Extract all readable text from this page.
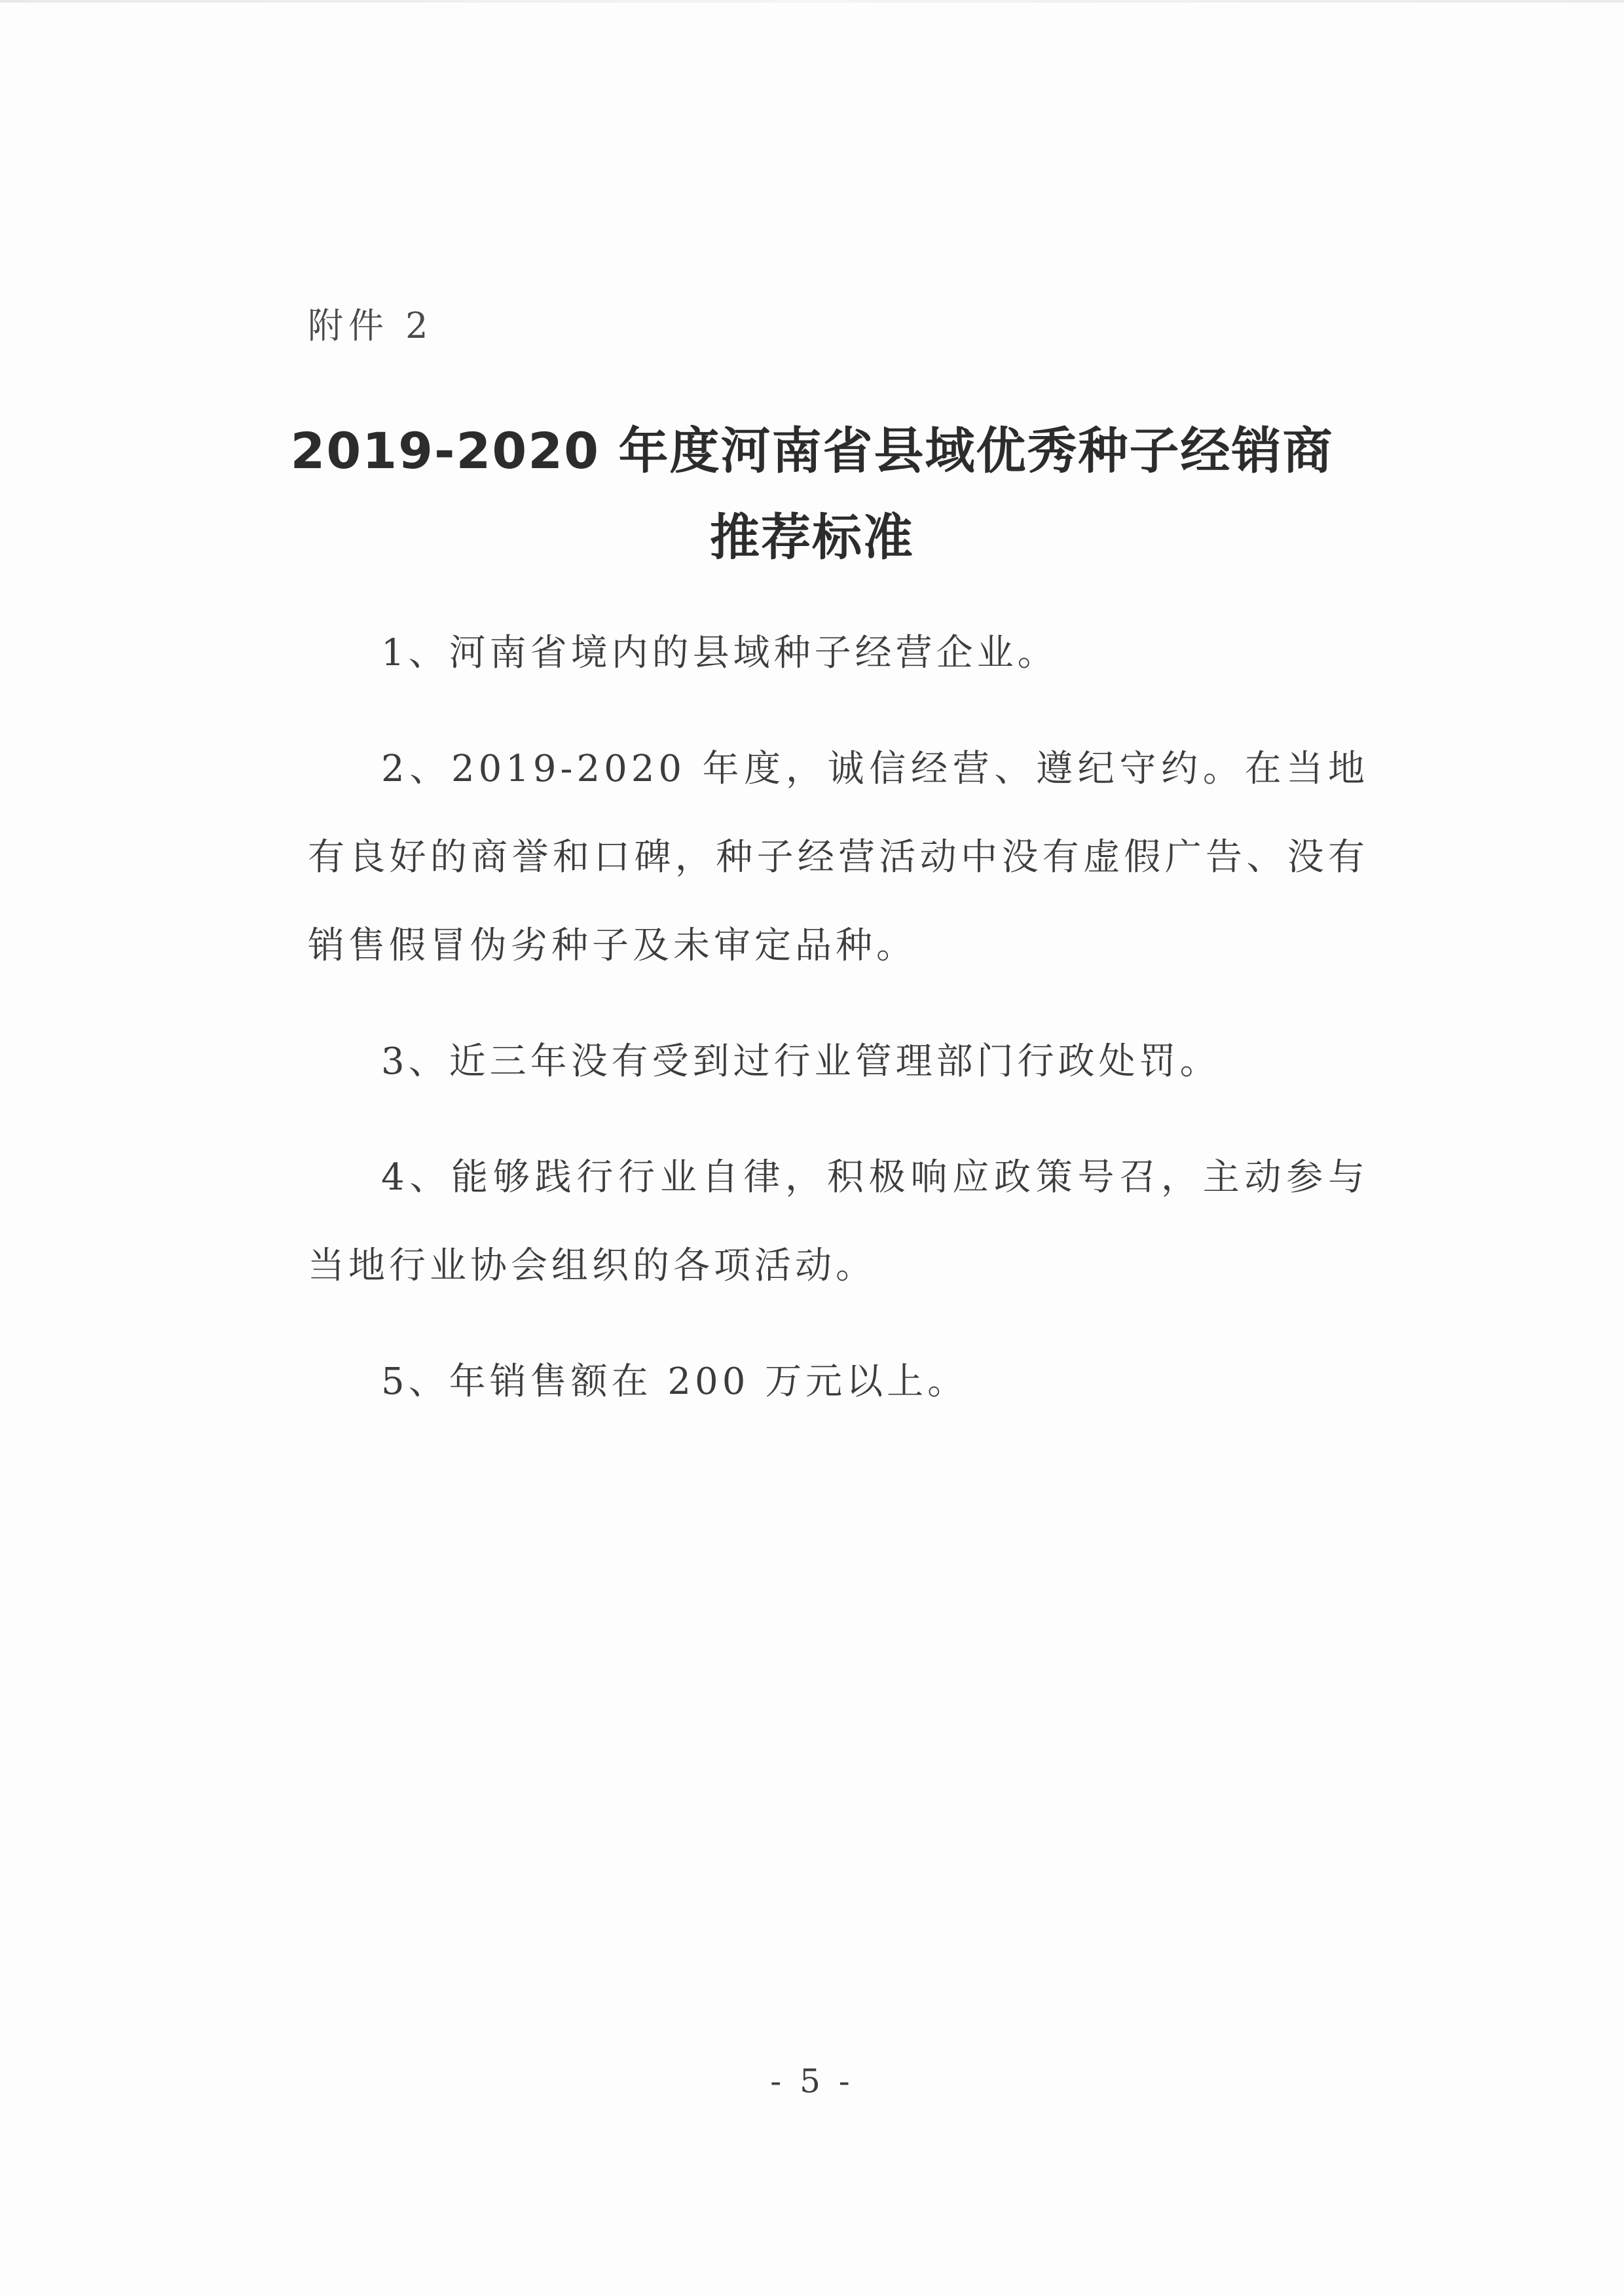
附件 2
2019-2020 年度河南省县域优秀种子经销商
推荐标准

1、河南省境内的县域种子经营企业。

2、2019-2020 年度，诚信经营、遵纪守约。在当地有良好的商誉和口碑，种子经营活动中没有虚假广告、没有销售假冒伪劣种子及未审定品种。

3、近三年没有受到过行业管理部门行政处罚。

4、能够践行行业自律，积极响应政策号召，主动参与当地行业协会组织的各项活动。

5、年销售额在 200 万元以上。

- 5 -
